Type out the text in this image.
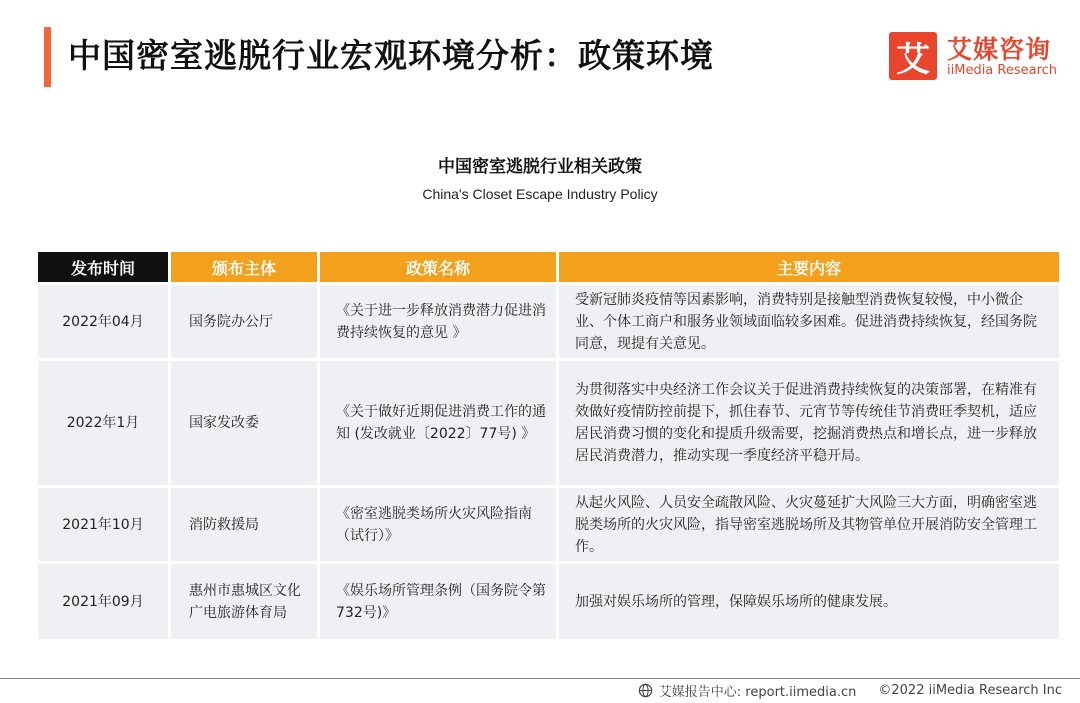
中国密室逃脱行业宏观环境分析：政策环境	艾 艾媒咨询
iiMedia Research
中国密室逃脱行业相关政策
China's Closet Escape Industry Policy
发布时间	颁布主体	政策名称	主要内容
2022年04月	国务院办公厅	《关于进一步释放消费潜力促进消费持续恢复的意见 》	受新冠肺炎疫情等因素影响，消费特别是接触型消费恢复较慢，中小微企业、个体工商户和服务业领域面临较多困难。促进消费持续恢复，经国务院同意，现提有关意见。
2022年1月	国家发改委	《关于做好近期促进消费工作的通知 (发改就业〔2022〕77号) 》	为贯彻落实中央经济工作会议关于促进消费持续恢复的决策部署，在精准有效做好疫情防控前提下，抓住春节、元宵节等传统佳节消费旺季契机，适应居民消费习惯的变化和提质升级需要，挖掘消费热点和增长点，进一步释放居民消费潜力，推动实现一季度经济平稳开局。
2021年10月	消防救援局	《密室逃脱类场所火灾风险指南（试行）》	从起火风险、人员安全疏散风险、火灾蔓延扩大风险三大方面，明确密室逃脱类场所的火灾风险，指导密室逃脱场所及其物管单位开展消防安全管理工作。
2021年09月	惠州市惠城区文化广电旅游体育局	《娱乐场所管理条例（国务院令第732号)》	加强对娱乐场所的管理，保障娱乐场所的健康发展。
艾媒报告中心: report.iimedia.cn ©2022 iiMedia Research Inc
